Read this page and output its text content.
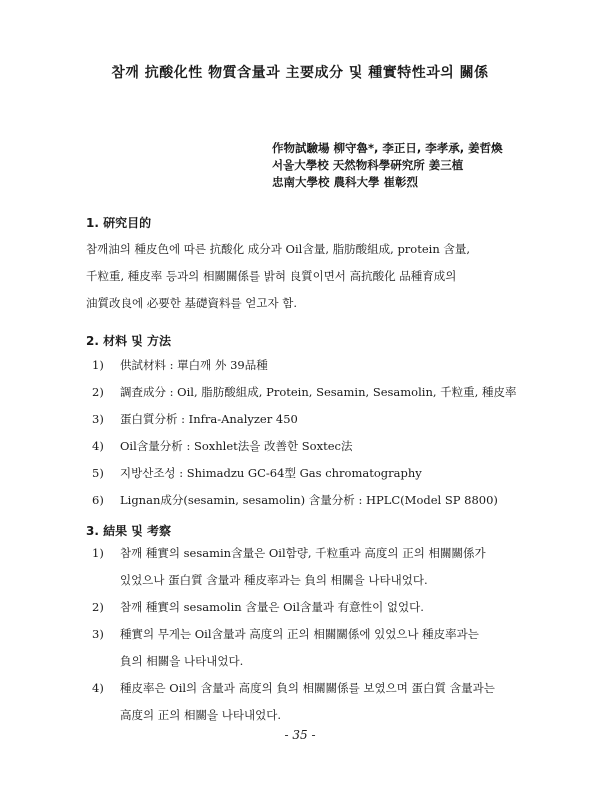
참깨 抗酸化性 物質含量과 主要成分 및 種實特性과의 關係
作物試驗場 柳守魯*, 李正日, 李孝承, 姜哲煥
서울大學校 天然物科學硏究所 姜三植
忠南大學校 農科大學 崔彰烈
1. 硏究目的
참깨油의 種皮色에 따른 抗酸化 成分과 Oil含量, 脂肪酸組成, protein 含量,
千粒重, 種皮率 등과의 相關關係를 밝혀 良質이면서 高抗酸化 品種育成의
油質改良에 必要한 基礎資料를 얻고자 함.
2. 材料 및 方法
1)	供試材料 : 單白깨 外 39品種
2)	調査成分 : Oil, 脂肪酸組成, Protein, Sesamin, Sesamolin, 千粒重, 種皮率
3)	蛋白質分析 : Infra-Analyzer 450
4)	Oil含量分析 : Soxhlet法을 改善한 Soxtec法
5)	지방산조성 : Shimadzu GC-64型 Gas chromatography
6)	Lignan成分(sesamin, sesamolin) 含量分析 : HPLC(Model SP 8800)
3. 結果 및 考察
1) 참깨 種實의 sesamin含量은 Oil함량, 千粒重과 高度의 正의 相關關係가
있었으나 蛋白質 含量과 種皮率과는 負의 相關을 나타내었다.
2) 참깨 種實의 sesamolin 含量은 Oil含量과 有意性이 없었다.
3) 種實의 무게는 Oil含量과 高度의 正의 相關關係에 있었으나 種皮率과는
負의 相關을 나타내었다.
4) 種皮率은 Oil의 含量과 高度의 負의 相關關係를 보였으며 蛋白質 含量과는
高度의 正의 相關을 나타내었다.
- 35 -
